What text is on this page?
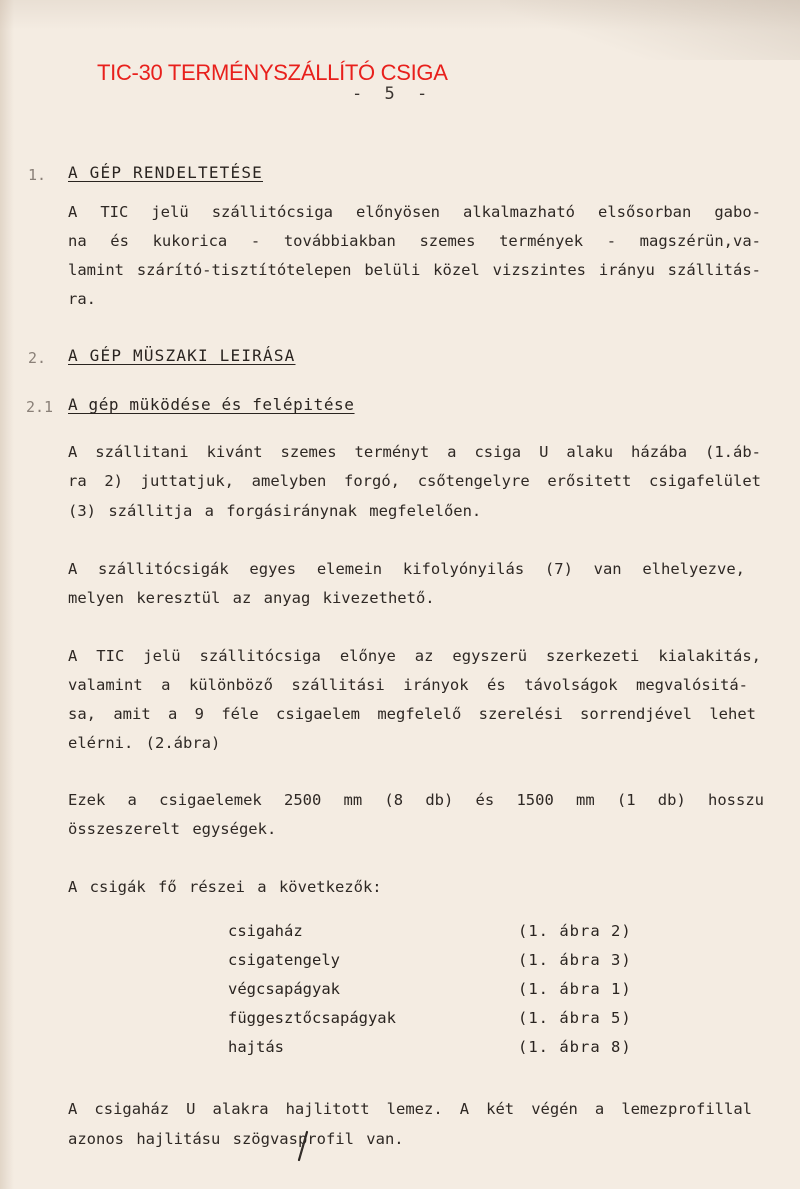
TIC-30 TERMÉNYSZÁLLÍTÓ CSIGA
- 5 -
1. A GÉP RENDELTETÉSE
A TIC jelü szállitócsiga előnyösen alkalmazható elsősorban gabo-
na és kukorica - továbbiakban szemes termények - magszérün,va-
lamint szárító-tisztítótelepen belüli közel vizszintes irányu szállitás-
ra.
2. A GÉP MÜSZAKI LEIRÁSA
2.1 A gép müködése és felépitése
A szállitani kivánt szemes terményt a csiga U alaku házába (1.áb-
ra 2) juttatjuk, amelyben forgó, csőtengelyre erősitett csigafelület
(3) szállitja a forgásiránynak megfelelően.
A szállitócsigák egyes elemein kifolyónyilás (7) van elhelyezve,
melyen keresztül az anyag kivezethető.
A TIC jelü szállitócsiga előnye az egyszerü szerkezeti kialakitás,
valamint a különböző szállitási irányok és távolságok megvalósitá-
sa, amit a 9 féle csigaelem megfelelő szerelési sorrendjével lehet
elérni. (2.ábra)
Ezek a csigaelemek 2500 mm (8 db) és 1500 mm (1 db) hosszu
összeszerelt egységek.
A csigák fő részei a következők:
csigaház	(1. ábra 2)
csigatengely	(1. ábra 3)
végcsapágyak	(1. ábra 1)
függesztőcsapágyak	(1. ábra 5)
hajtás	(1. ábra 8)
A csigaház U alakra hajlitott lemez. A két végén a lemezprofillal
azonos hajlitásu szögvasprofil van.
